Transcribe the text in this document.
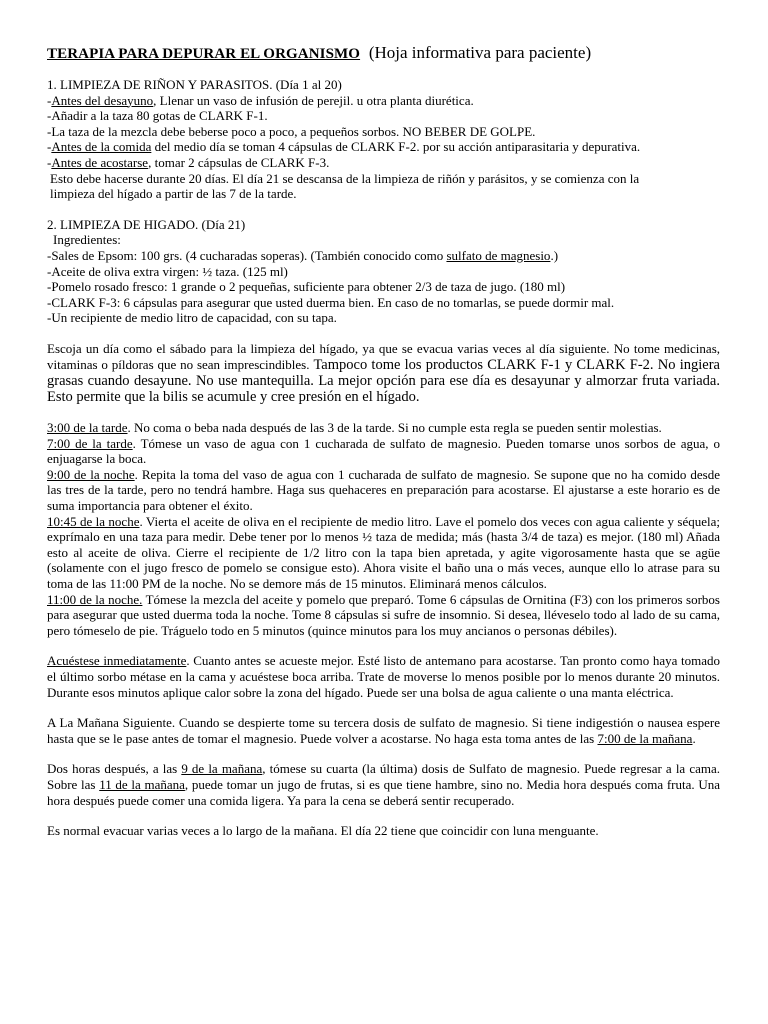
TERAPIA PARA DEPURAR EL ORGANISMO (Hoja informativa para paciente)

1. LIMPIEZA DE RIÑON Y PARASITOS. (Día 1 al 20)

-Antes del desayuno, Llenar un vaso de infusión de perejil. u otra planta diurética.

-Añadir a la taza 80 gotas de CLARK F-1.

-La taza de la mezcla debe beberse poco a poco, a pequeños sorbos. NO BEBER DE GOLPE.

-Antes de la comida del medio día se toman 4 cápsulas de CLARK F-2. por su acción antiparasitaria y depurativa.

-Antes de acostarse, tomar 2 cápsulas de CLARK F-3.

Esto debe hacerse durante 20 días. El día 21 se descansa de la limpieza de riñón y parásitos, y se comienza con la

limpieza del hígado a partir de las 7 de la tarde.

2. LIMPIEZA DE HIGADO. (Día 21)

Ingredientes:

-Sales de Epsom: 100 grs. (4 cucharadas soperas). (También conocido como sulfato de magnesio.)

-Aceite de oliva extra virgen: ½ taza. (125 ml)

-Pomelo rosado fresco: 1 grande o 2 pequeñas, suficiente para obtener 2/3 de taza de jugo. (180 ml)

-CLARK F-3: 6 cápsulas para asegurar que usted duerma bien. En caso de no tomarlas, se puede dormir mal.

-Un recipiente de medio litro de capacidad, con su tapa.

Escoja un día como el sábado para la limpieza del hígado, ya que se evacua varias veces al día siguiente. No tome medicinas, vitaminas o píldoras que no sean imprescindibles. Tampoco tome los productos CLARK F-1 y CLARK F-2. No ingiera grasas cuando desayune. No use mantequilla. La mejor opción para ese día es desayunar y almorzar fruta variada. Esto permite que la bilis se acumule y cree presión en el hígado.

3:00 de la tarde. No coma o beba nada después de las 3 de la tarde. Si no cumple esta regla se pueden sentir molestias.

7:00 de la tarde. Tómese un vaso de agua con 1 cucharada de sulfato de magnesio. Pueden tomarse unos sorbos de agua, o enjuagarse la boca.

9:00 de la noche. Repita la toma del vaso de agua con 1 cucharada de sulfato de magnesio. Se supone que no ha comido desde las tres de la tarde, pero no tendrá hambre. Haga sus quehaceres en preparación para acostarse. El ajustarse a este horario es de suma importancia para obtener el éxito.

10:45 de la noche. Vierta el aceite de oliva en el recipiente de medio litro. Lave el pomelo dos veces con agua caliente y séquela; exprímalo en una taza para medir. Debe tener por lo menos ½ taza de medida; más (hasta 3/4 de taza) es mejor. (180 ml) Añada esto al aceite de oliva. Cierre el recipiente de 1/2 litro con la tapa bien apretada, y agite vigorosamente hasta que se agüe (solamente con el jugo fresco de pomelo se consigue esto). Ahora visite el baño una o más veces, aunque ello lo atrase para su toma de las 11:00 PM de la noche. No se demore más de 15 minutos. Eliminará menos cálculos.

11:00 de la noche. Tómese la mezcla del aceite y pomelo que preparó. Tome 6 cápsulas de Ornitina (F3) con los primeros sorbos para asegurar que usted duerma toda la noche. Tome 8 cápsulas si sufre de insomnio. Si desea, lléveselo todo al lado de su cama, pero tómeselo de pie. Tráguelo todo en 5 minutos (quince minutos para los muy ancianos o personas débiles).

Acuéstese inmediatamente. Cuanto antes se acueste mejor. Esté listo de antemano para acostarse. Tan pronto como haya tomado el último sorbo métase en la cama y acuéstese boca arriba. Trate de moverse lo menos posible por lo menos durante 20 minutos. Durante esos minutos aplique calor sobre la zona del hígado. Puede ser una bolsa de agua caliente o una manta eléctrica.

A La Mañana Siguiente. Cuando se despierte tome su tercera dosis de sulfato de magnesio. Si tiene indigestión o nausea espere hasta que se le pase antes de tomar el magnesio. Puede volver a acostarse. No haga esta toma antes de las 7:00 de la mañana.

Dos horas después, a las 9 de la mañana, tómese su cuarta (la última) dosis de Sulfato de magnesio. Puede regresar a la cama. Sobre las 11 de la mañana, puede tomar un jugo de frutas, si es que tiene hambre, sino no. Media hora después coma fruta. Una hora después puede comer una comida ligera. Ya para la cena se deberá sentir recuperado.

Es normal evacuar varias veces a lo largo de la mañana. El día 22 tiene que coincidir con luna menguante.
